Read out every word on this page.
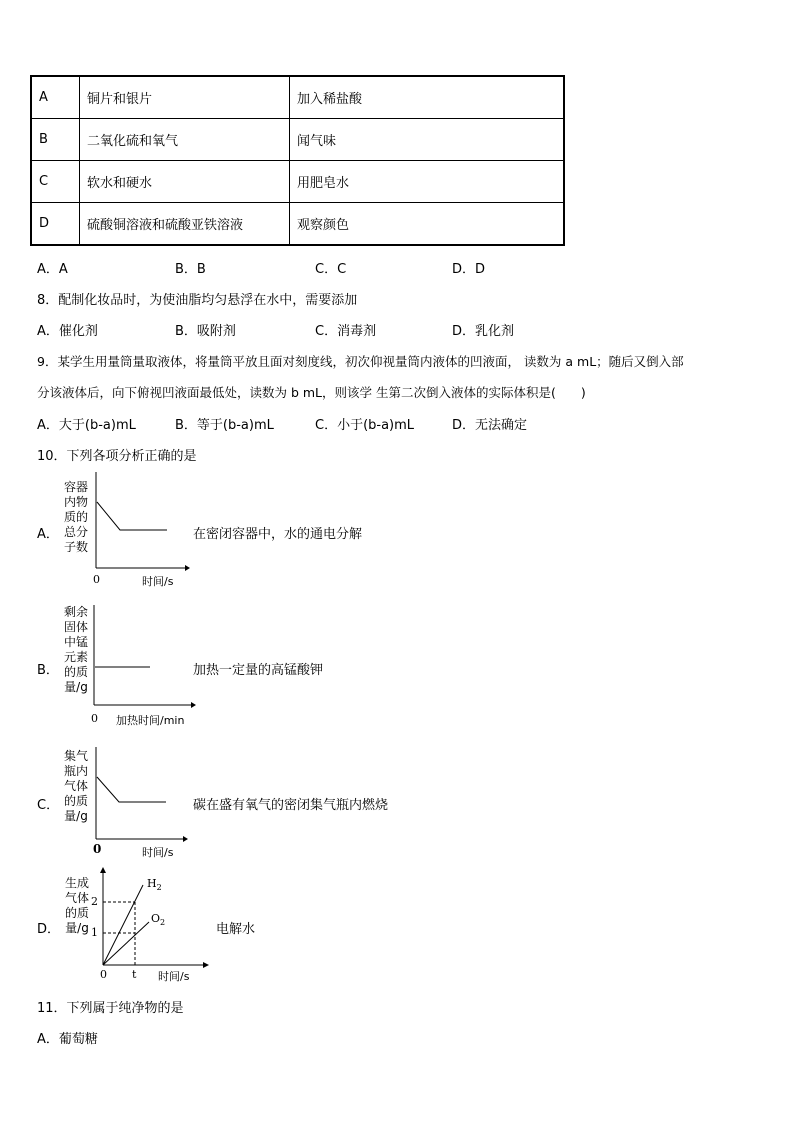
A	铜片和银片	加入稀盐酸
B	二氧化硫和氧气	闻气味
C	软水和硬水	用肥皂水
D	硫酸铜溶液和硫酸亚铁溶液	观察颜色
A．A	B．B	C．C	D．D
8．配制化妆品时，为使油脂均匀悬浮在水中，需要添加
A．催化剂	B．吸附剂	C．消毒剂	D．乳化剂
9．某学生用量筒量取液体，将量筒平放且面对刻度线，初次仰视量筒内液体的凹液面， 读数为 a mL；随后又倒入部
分该液体后，向下俯视凹液面最低处，读数为 b mL，则该学 生第二次倒入液体的实际体积是(　　)
A．大于(b-a)mL	B．等于(b-a)mL	C．小于(b-a)mL	D．无法确定
10．下列各项分析正确的是
A．
容器
内物
质的
总分
子数
0	时间/s
在密闭容器中，水的通电分解
B．
剩余
固体
中锰
元素
的质
量/g
0 加热时间/min
加热一定量的高锰酸钾
C．
集气
瓶内
气体
的质
量/g
0	时间/s
碳在盛有氧气的密闭集气瓶内燃烧
D．
生成
气体
的质
量/g
2
1
0 t 时间/s
$H_2$
$O_2$	电解水
11．下列属于纯净物的是
A．葡萄糖
